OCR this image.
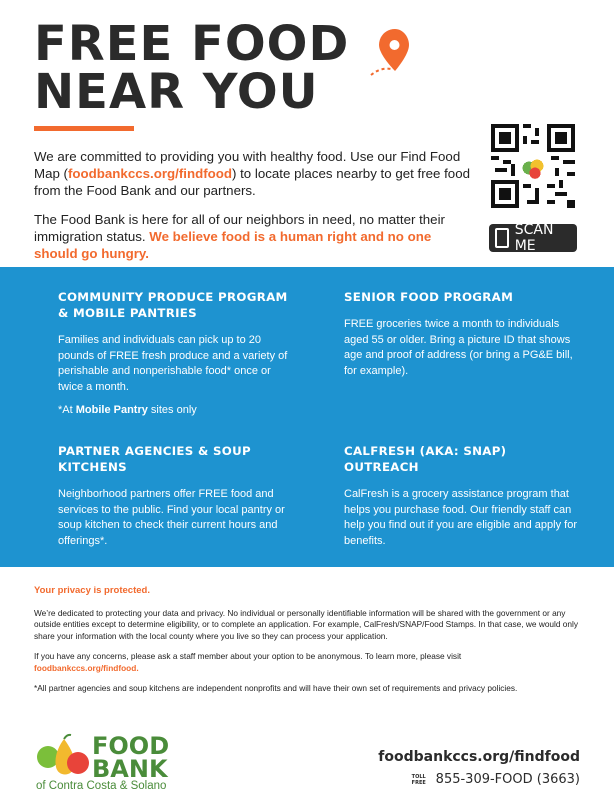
FREE FOOD
NEAR YOU

We are committed to providing you with healthy food. Use our Find Food Map (foodbankccs.org/findfood) to locate places nearby to get free food from the Food Bank and our partners.

The Food Bank is here for all of our neighbors in need, no matter their immigration status. We believe food is a human right and no one should go hungry.

SCAN ME
COMMUNITY PRODUCE PROGRAM & MOBILE PANTRIES

Families and individuals can pick up to 20 pounds of FREE fresh produce and a variety of perishable and nonperishable food* once or twice a month.

*At Mobile Pantry sites only

SENIOR FOOD PROGRAM

FREE groceries twice a month to individuals aged 55 or older. Bring a picture ID that shows age and proof of address (or bring a PG&E bill, for example).

PARTNER AGENCIES & SOUP KITCHENS

Neighborhood partners offer FREE food and services to the public. Find your local pantry or soup kitchen to check their current hours and offerings*.

CALFRESH (AKA: SNAP) OUTREACH

CalFresh is a grocery assistance program that helps you purchase food. Our friendly staff can help you find out if you are eligible and apply for benefits.

Your privacy is protected.

We’re dedicated to protecting your data and privacy. No individual or personally identifiable information will be shared with the government or any outside entities except to determine eligibility, or to complete an application. For example, CalFresh/SNAP/Food Stamps. In that case, we would only share your information with the local county where you live so they can process your application.

If you have any concerns, please ask a staff member about your option to be anonymous. To learn more, please visit
foodbankccs.org/findfood.

*All partner agencies and soup kitchens are independent nonprofits and will have their own set of requirements and privacy policies.

FOOD
BANK
of Contra Costa & Solano
foodbankccs.org/findfood
TOLL
FREE 855-309-FOOD (3663)
